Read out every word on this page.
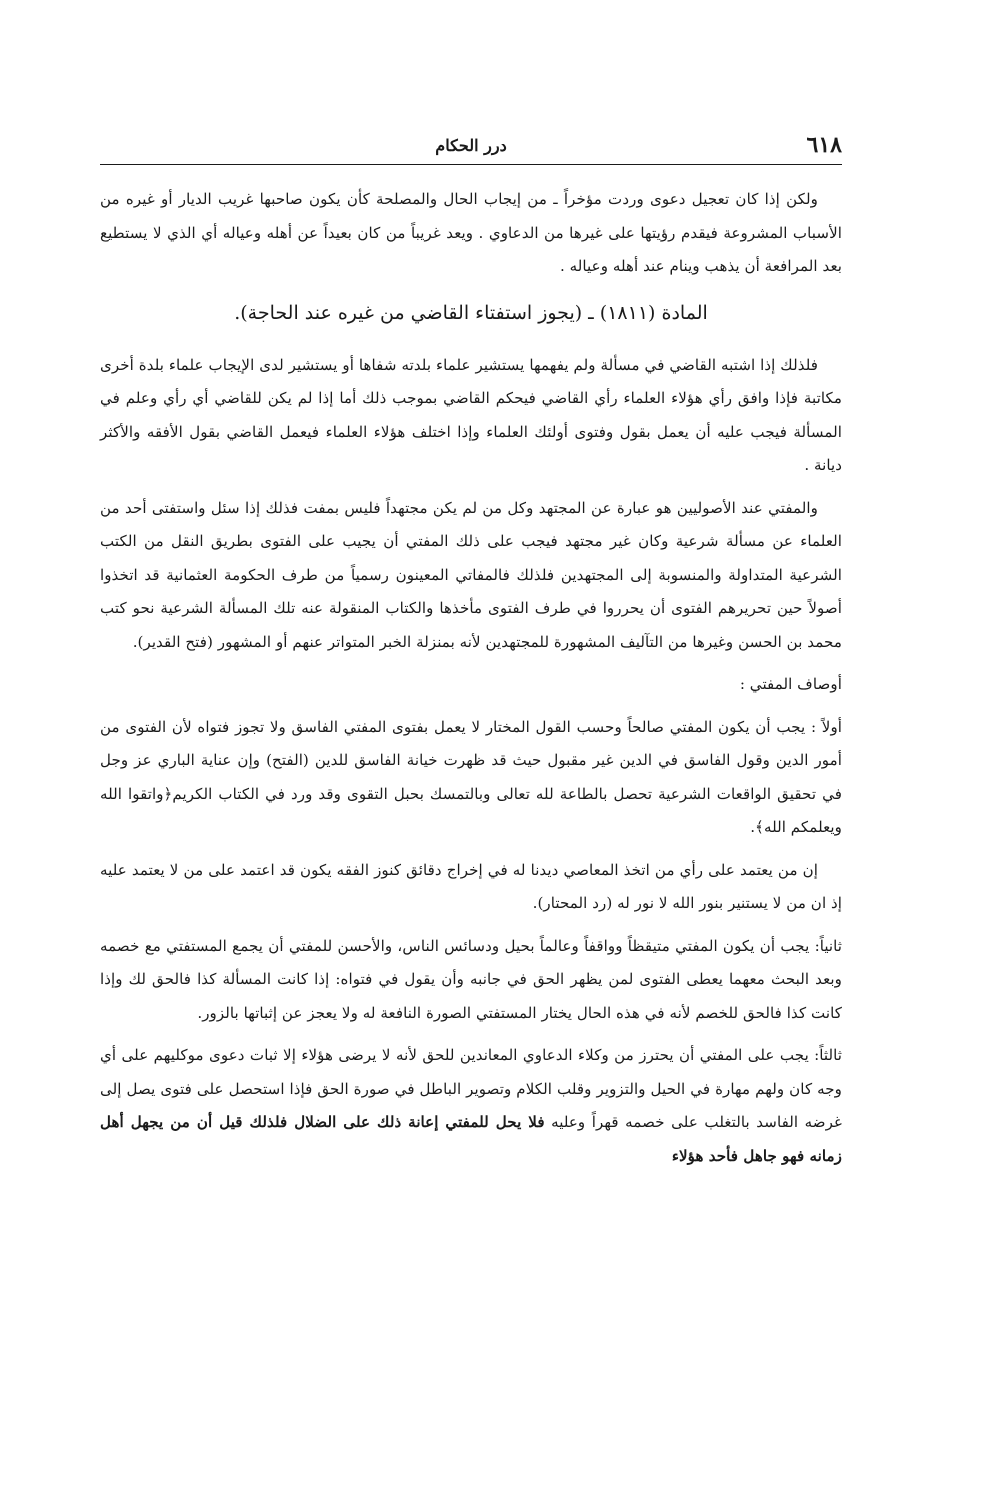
٦١٨
درر الحكام

ولكن إذا كان تعجيل دعوى وردت مؤخراً ـ من إيجاب الحال والمصلحة كأن يكون صاحبها غريب الديار أو غيره من الأسباب المشروعة فيقدم رؤيتها على غيرها من الدعاوي . ويعد غريباً من كان بعيداً عن أهله وعياله أي الذي لا يستطيع بعد المرافعة أن يذهب وينام عند أهله وعياله .

المادة (١٨١١) ـ (يجوز استفتاء القاضي من غيره عند الحاجة).

فلذلك إذا اشتبه القاضي في مسألة ولم يفهمها يستشير علماء بلدته شفاها أو يستشير لدى الإيجاب علماء بلدة أخرى مكاتبة فإذا وافق رأي هؤلاء العلماء رأي القاضي فيحكم القاضي بموجب ذلك أما إذا لم يكن للقاضي أي رأي وعلم في المسألة فيجب عليه أن يعمل بقول وفتوى أولئك العلماء وإذا اختلف هؤلاء العلماء فيعمل القاضي بقول الأفقه والأكثر ديانة .

والمفتي عند الأصوليين هو عبارة عن المجتهد وكل من لم يكن مجتهداً فليس بمفت فذلك إذا سئل واستفتى أحد من العلماء عن مسألة شرعية وكان غير مجتهد فيجب على ذلك المفتي أن يجيب على الفتوى بطريق النقل من الكتب الشرعية المتداولة والمنسوبة إلى المجتهدين فلذلك فالمفاتي المعينون رسمياً من طرف الحكومة العثمانية قد اتخذوا أصولاً حين تحريرهم الفتوى أن يحرروا في طرف الفتوى مأخذها والكتاب المنقولة عنه تلك المسألة الشرعية نحو كتب محمد بن الحسن وغيرها من التآليف المشهورة للمجتهدين لأنه بمنزلة الخبر المتواتر عنهم أو المشهور (فتح القدير).

أوصاف المفتي :

أولاً : يجب أن يكون المفتي صالحاً وحسب القول المختار لا يعمل بفتوى المفتي الفاسق ولا تجوز فتواه لأن الفتوى من أمور الدين وقول الفاسق في الدين غير مقبول حيث قد ظهرت خيانة الفاسق للدين (الفتح) وإن عناية الباري عز وجل في تحقيق الواقعات الشرعية تحصل بالطاعة لله تعالى وبالتمسك بحبل التقوى وقد ورد في الكتاب الكريم﴿واتقوا الله ويعلمكم الله﴾.

إن من يعتمد على رأي من اتخذ المعاصي ديدنا له في إخراج دقائق كنوز الفقه يكون قد اعتمد على من لا يعتمد عليه إذ ان من لا يستنير بنور الله لا نور له (رد المحتار).

ثانياً: يجب أن يكون المفتي متيقظاً وواقفاً وعالماً بحيل ودسائس الناس، والأحسن للمفتي أن يجمع المستفتي مع خصمه وبعد البحث معهما يعطى الفتوى لمن يظهر الحق في جانبه وأن يقول في فتواه: إذا كانت المسألة كذا فالحق لك وإذا كانت كذا فالحق للخصم لأنه في هذه الحال يختار المستفتي الصورة النافعة له ولا يعجز عن إثباتها بالزور.

ثالثاً: يجب على المفتي أن يحترز من وكلاء الدعاوي المعاندين للحق لأنه لا يرضى هؤلاء إلا ثبات دعوى موكليهم على أي وجه كان ولهم مهارة في الحيل والتزوير وقلب الكلام وتصوير الباطل في صورة الحق فإذا استحصل على فتوى يصل إلى غرضه الفاسد بالتغلب على خصمه قهراً وعليه فلا يحل للمفتي إعانة ذلك على الضلال فلذلك قيل أن من يجهل أهل زمانه فهو جاهل فأحد هؤلاء
